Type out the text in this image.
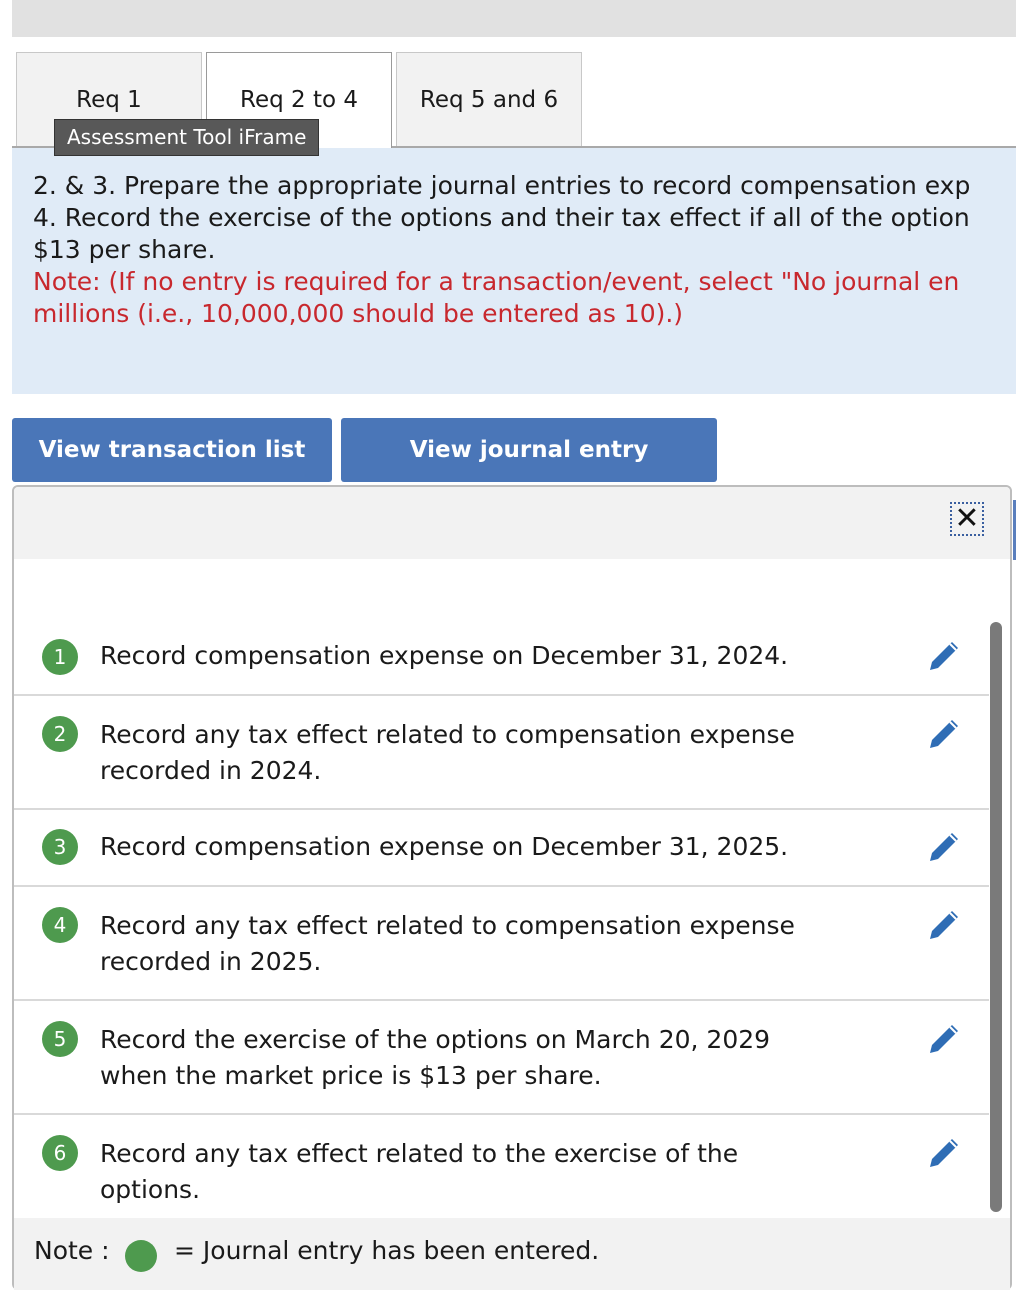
Req 1	Req 2 to 4	Req 5 and 6
Assessment Tool iFrame
2. & 3. Prepare the appropriate journal entries to record compensation exp
4. Record the exercise of the options and their tax effect if all of the option
$13 per share.
Note: (If no entry is required for a transaction/event, select "No journal en
millions (i.e., 10,000,000 should be entered as 10).)
View transaction list	View journal entry
✕
1	Record compensation expense on December 31, 2024.
2	Record any tax effect related to compensation expense
recorded in 2024.
3	Record compensation expense on December 31, 2025.
4	Record any tax effect related to compensation expense
recorded in 2025.
5	Record the exercise of the options on March 20, 2029
when the market price is $13 per share.
6	Record any tax effect related to the exercise of the
options.
Note :	= Journal entry has been entered.
